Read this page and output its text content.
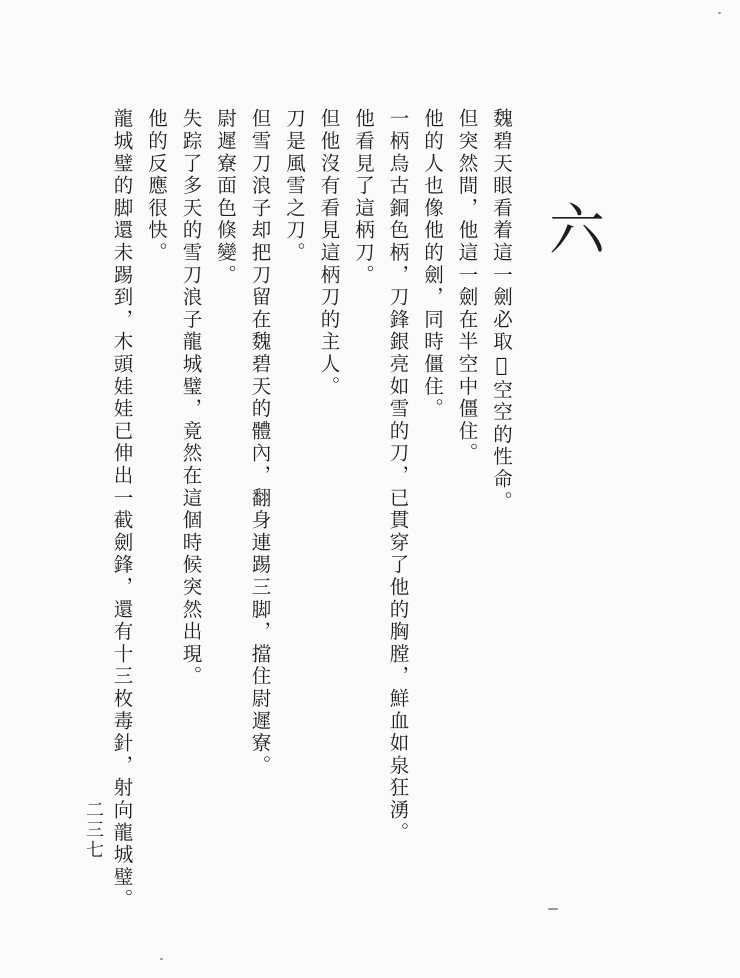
六
魏碧天眼看着這一劍必取𥨊空空的性命。
但突然間，他這一劍在半空中僵住。
他的人也像他的劍，同時僵住。
一柄烏古銅色柄，刀鋒銀亮如雪的刀，已貫穿了他的胸膛，鮮血如泉狂湧。
他看見了這柄刀。
但他沒有看見這柄刀的主人。
刀是風雪之刀。
但雪刀浪子却把刀留在魏碧天的體內，翻身連踢三脚，擋住尉遲寮。
尉遲寮面色倏變。
失踪了多天的雪刀浪子龍城璧，竟然在這個時候突然出現。
他的反應很快。
龍城璧的脚還未踢到，木頭娃娃已伸出一截劍鋒，還有十三枚毒針，射向龍城璧。
二三七
